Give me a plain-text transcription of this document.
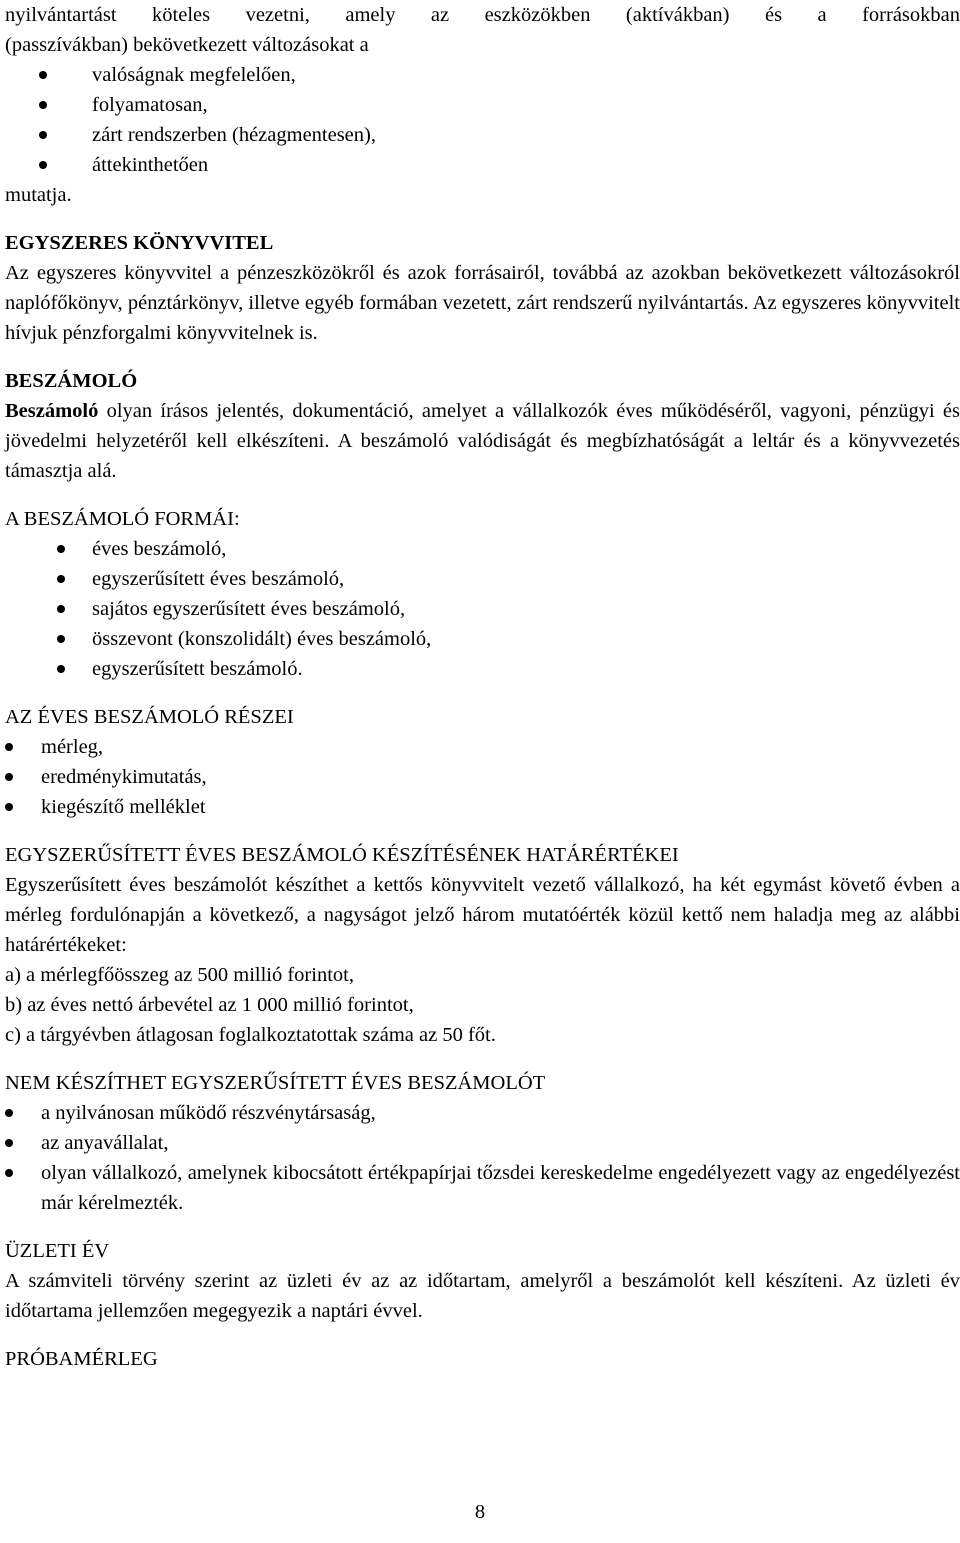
nyilvántartást köteles vezetni, amely az eszközökben (aktívákban) és a forrásokban

(passzívákban) bekövetkezett változásokat a

valóságnak megfelelően,
folyamatosan,
zárt rendszerben (hézagmentesen),
áttekinthetően

mutatja.

EGYSZERES KÖNYVVITEL

Az egyszeres könyvvitel a pénzeszközökről és azok forrásairól, továbbá az azokban bekövetkezett változásokról naplófőkönyv, pénztárkönyv, illetve egyéb formában vezetett, zárt rendszerű nyilvántartás. Az egyszeres könyvvitelt hívjuk pénzforgalmi könyvvitelnek is.

BESZÁMOLÓ

Beszámoló olyan írásos jelentés, dokumentáció, amelyet a vállalkozók éves működéséről, vagyoni, pénzügyi és jövedelmi helyzetéről kell elkészíteni. A beszámoló valódiságát és megbízhatóságát a leltár és a könyvvezetés támasztja alá.

A BESZÁMOLÓ FORMÁI:

éves beszámoló,
egyszerűsített éves beszámoló,
sajátos egyszerűsített éves beszámoló,
összevont (konszolidált) éves beszámoló,
egyszerűsített beszámoló.

AZ ÉVES BESZÁMOLÓ RÉSZEI

mérleg,
eredménykimutatás,
kiegészítő melléklet

EGYSZERŰSÍTETT ÉVES BESZÁMOLÓ KÉSZÍTÉSÉNEK HATÁRÉRTÉKEI

Egyszerűsített éves beszámolót készíthet a kettős könyvvitelt vezető vállalkozó, ha két egymást követő évben a mérleg fordulónapján a következő, a nagyságot jelző három mutatóérték közül kettő nem haladja meg az alábbi határértékeket:

a) a mérlegfőösszeg az 500 millió forintot,

b) az éves nettó árbevétel az 1 000 millió forintot,

c) a tárgyévben átlagosan foglalkoztatottak száma az 50 főt.

NEM KÉSZÍTHET EGYSZERŰSÍTETT ÉVES BESZÁMOLÓT

a nyilvánosan működő részvénytársaság,
az anyavállalat,
olyan vállalkozó, amelynek kibocsátott értékpapírjai tőzsdei kereskedelme engedélyezett vagy az engedélyezést már kérelmezték.

ÜZLETI ÉV

A számviteli törvény szerint az üzleti év az az időtartam, amelyről a beszámolót kell készíteni. Az üzleti év időtartama jellemzően megegyezik a naptári évvel.

PRÓBAMÉRLEG

8
